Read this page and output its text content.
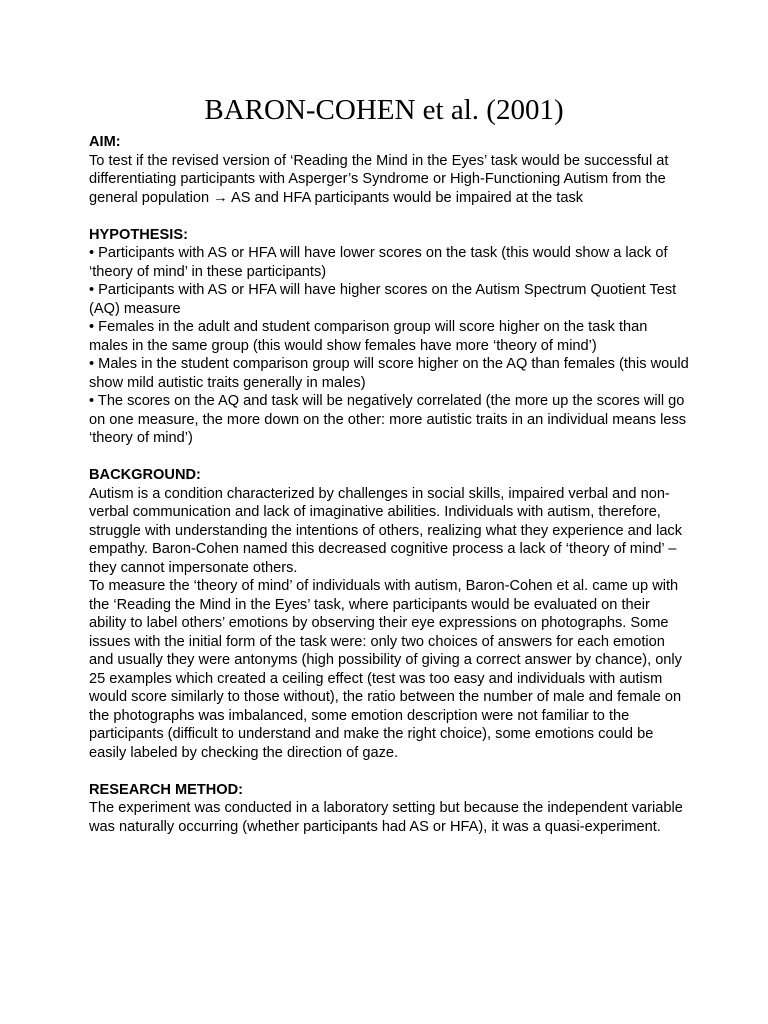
BARON-COHEN et al. (2001)

AIM:

To test if the revised version of ‘Reading the Mind in the Eyes’ task would be successful at differentiating participants with Asperger’s Syndrome or High-Functioning Autism from the general population → AS and HFA participants would be impaired at the task

HYPOTHESIS:

• Participants with AS or HFA will have lower scores on the task (this would show a lack of ‘theory of mind’ in these participants)

• Participants with AS or HFA will have higher scores on the Autism Spectrum Quotient Test (AQ) measure

• Females in the adult and student comparison group will score higher on the task than males in the same group (this would show females have more ‘theory of mind’)

• Males in the student comparison group will score higher on the AQ than females (this would show mild autistic traits generally in males)

• The scores on the AQ and task will be negatively correlated (the more up the scores will go on one measure, the more down on the other: more autistic traits in an individual means less ‘theory of mind’)

BACKGROUND:

Autism is a condition characterized by challenges in social skills, impaired verbal and non-verbal communication and lack of imaginative abilities. Individuals with autism, therefore, struggle with understanding the intentions of others, realizing what they experience and lack empathy. Baron-Cohen named this decreased cognitive process a lack of ‘theory of mind’ – they cannot impersonate others.

To measure the ‘theory of mind’ of individuals with autism, Baron-Cohen et al. came up with the ‘Reading the Mind in the Eyes’ task, where participants would be evaluated on their ability to label others’ emotions by observing their eye expressions on photographs. Some issues with the initial form of the task were: only two choices of answers for each emotion and usually they were antonyms (high possibility of giving a correct answer by chance), only 25 examples which created a ceiling effect (test was too easy and individuals with autism would score similarly to those without), the ratio between the number of male and female on the photographs was imbalanced, some emotion description were not familiar to the participants (difficult to understand and make the right choice), some emotions could be easily labeled by checking the direction of gaze.

RESEARCH METHOD:

The experiment was conducted in a laboratory setting but because the independent variable was naturally occurring (whether participants had AS or HFA), it was a quasi-experiment.
